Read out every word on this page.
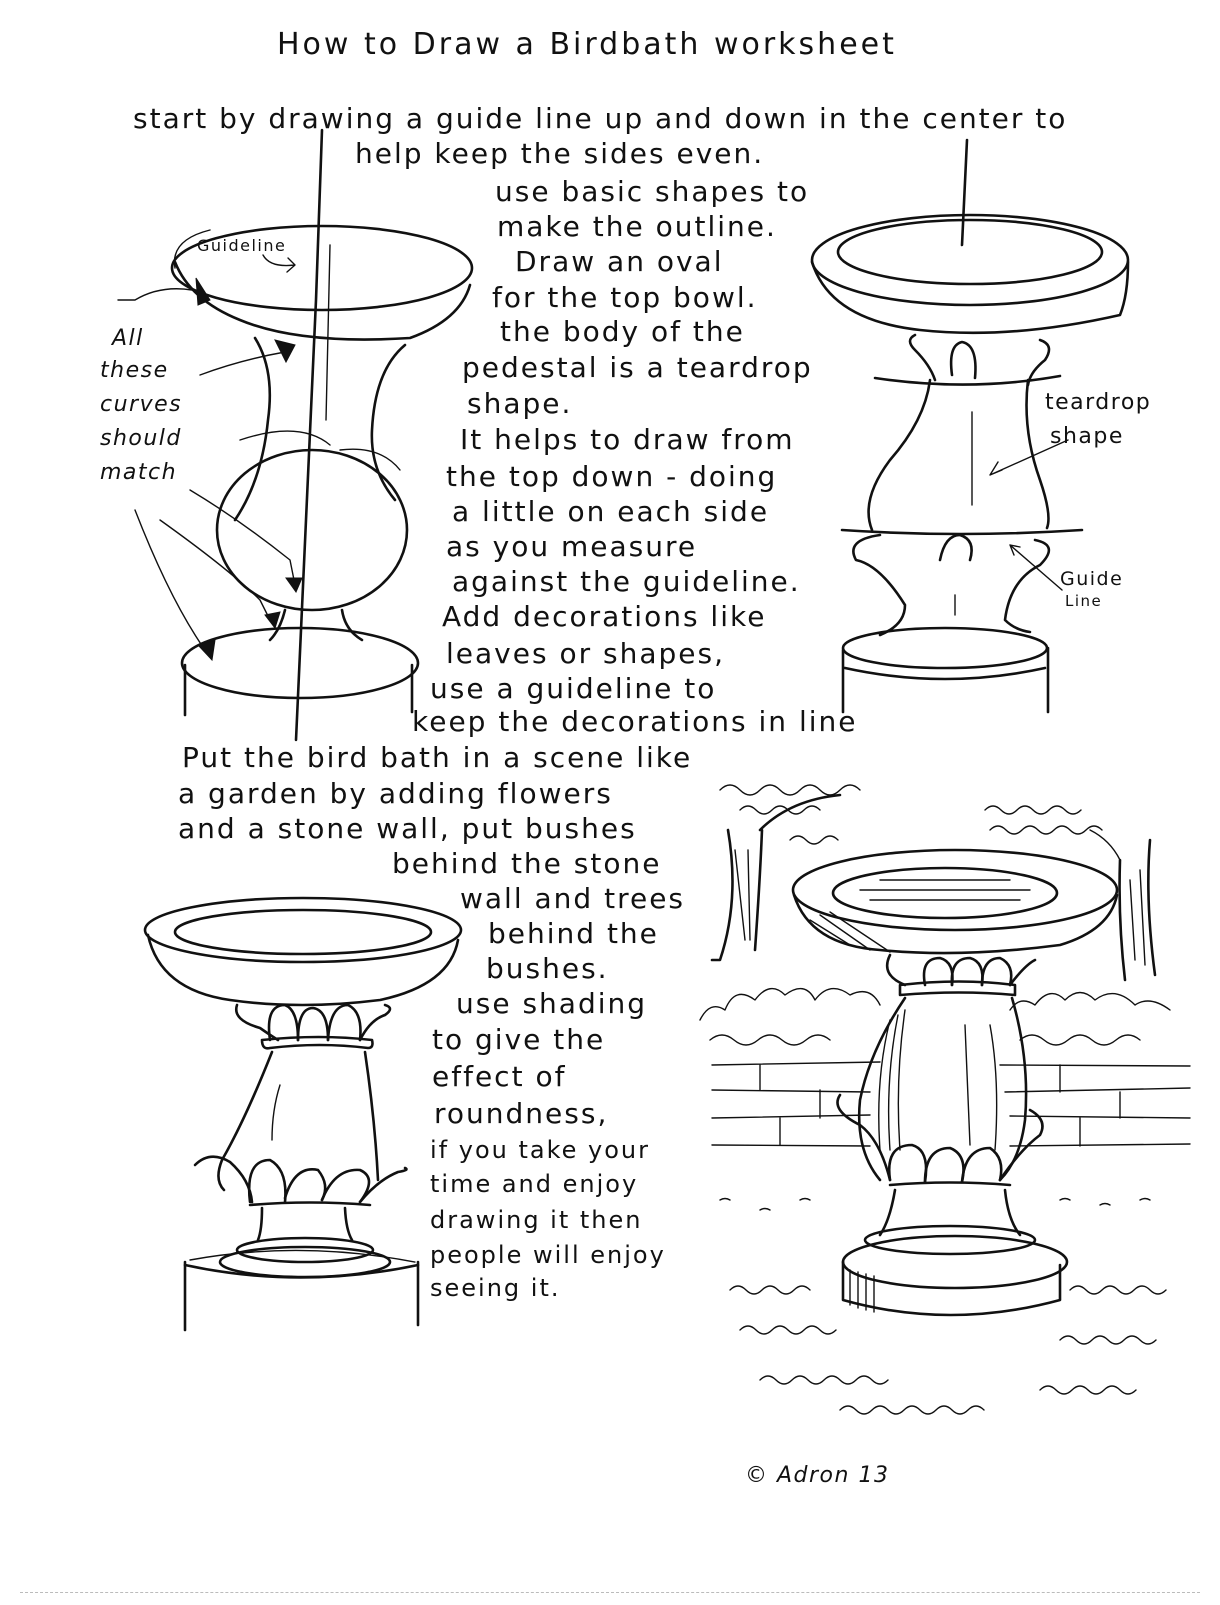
How to Draw a Birdbath worksheet
start by drawing a guide line up and down in the center to
help keep the sides even.
use basic shapes to
make the outline.
Draw an oval
for the top bowl.
the body of the
pedestal is a teardrop
shape.
It helps to draw from
the top down - doing
a little on each side
as you measure
against the guideline.
Add decorations like
leaves or shapes,
use a guideline to
keep the decorations in line
Put the bird bath in a scene like
a garden by adding flowers
and a stone wall, put bushes
behind the stone
wall and trees
behind the
bushes.
use shading
to give the
effect of
roundness,
if you take your
time and enjoy
drawing it then
people will enjoy
seeing it.
Guideline
All
these
curves
should
match
teardrop
shape
Guide
Line
© Adron 13
